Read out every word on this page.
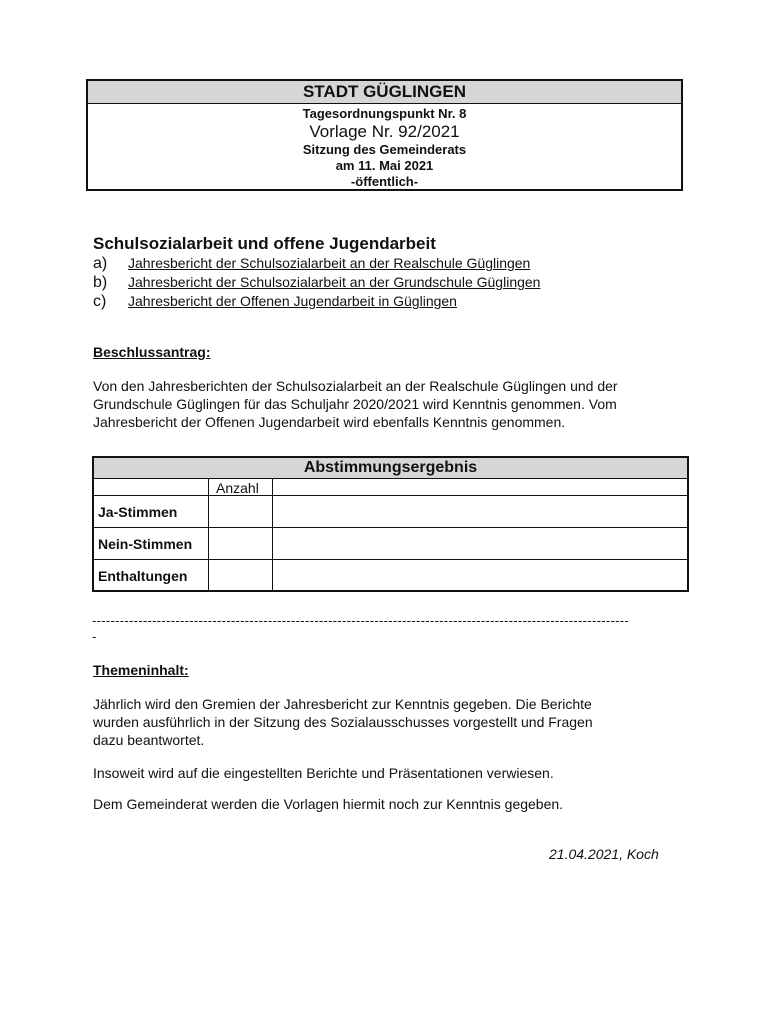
STADT GÜGLINGEN
Tagesordnungspunkt Nr. 8
Vorlage Nr. 92/2021
Sitzung des Gemeinderats
am 11. Mai 2021
-öffentlich-
Schulsozialarbeit und offene Jugendarbeit
a) Jahresbericht der Schulsozialarbeit an der Realschule Güglingen
b) Jahresbericht der Schulsozialarbeit an der Grundschule Güglingen
c) Jahresbericht der Offenen Jugendarbeit in Güglingen
Beschlussantrag:
Von den Jahresberichten der Schulsozialarbeit an der Realschule Güglingen und der
Grundschule Güglingen für das Schuljahr 2020/2021 wird Kenntnis genommen. Vom
Jahresbericht der Offenen Jugendarbeit wird ebenfalls Kenntnis genommen.
Abstimmungsergebnis
Anzahl
Ja-Stimmen
Nein-Stimmen
Enthaltungen
--------------------------------------------------------------------------------------------------------------------
-
Themeninhalt:
Jährlich wird den Gremien der Jahresbericht zur Kenntnis gegeben. Die Berichte
wurden ausführlich in der Sitzung des Sozialausschusses vorgestellt und Fragen
dazu beantwortet.
Insoweit wird auf die eingestellten Berichte und Präsentationen verwiesen.
Dem Gemeinderat werden die Vorlagen hiermit noch zur Kenntnis gegeben.
21.04.2021, Koch
